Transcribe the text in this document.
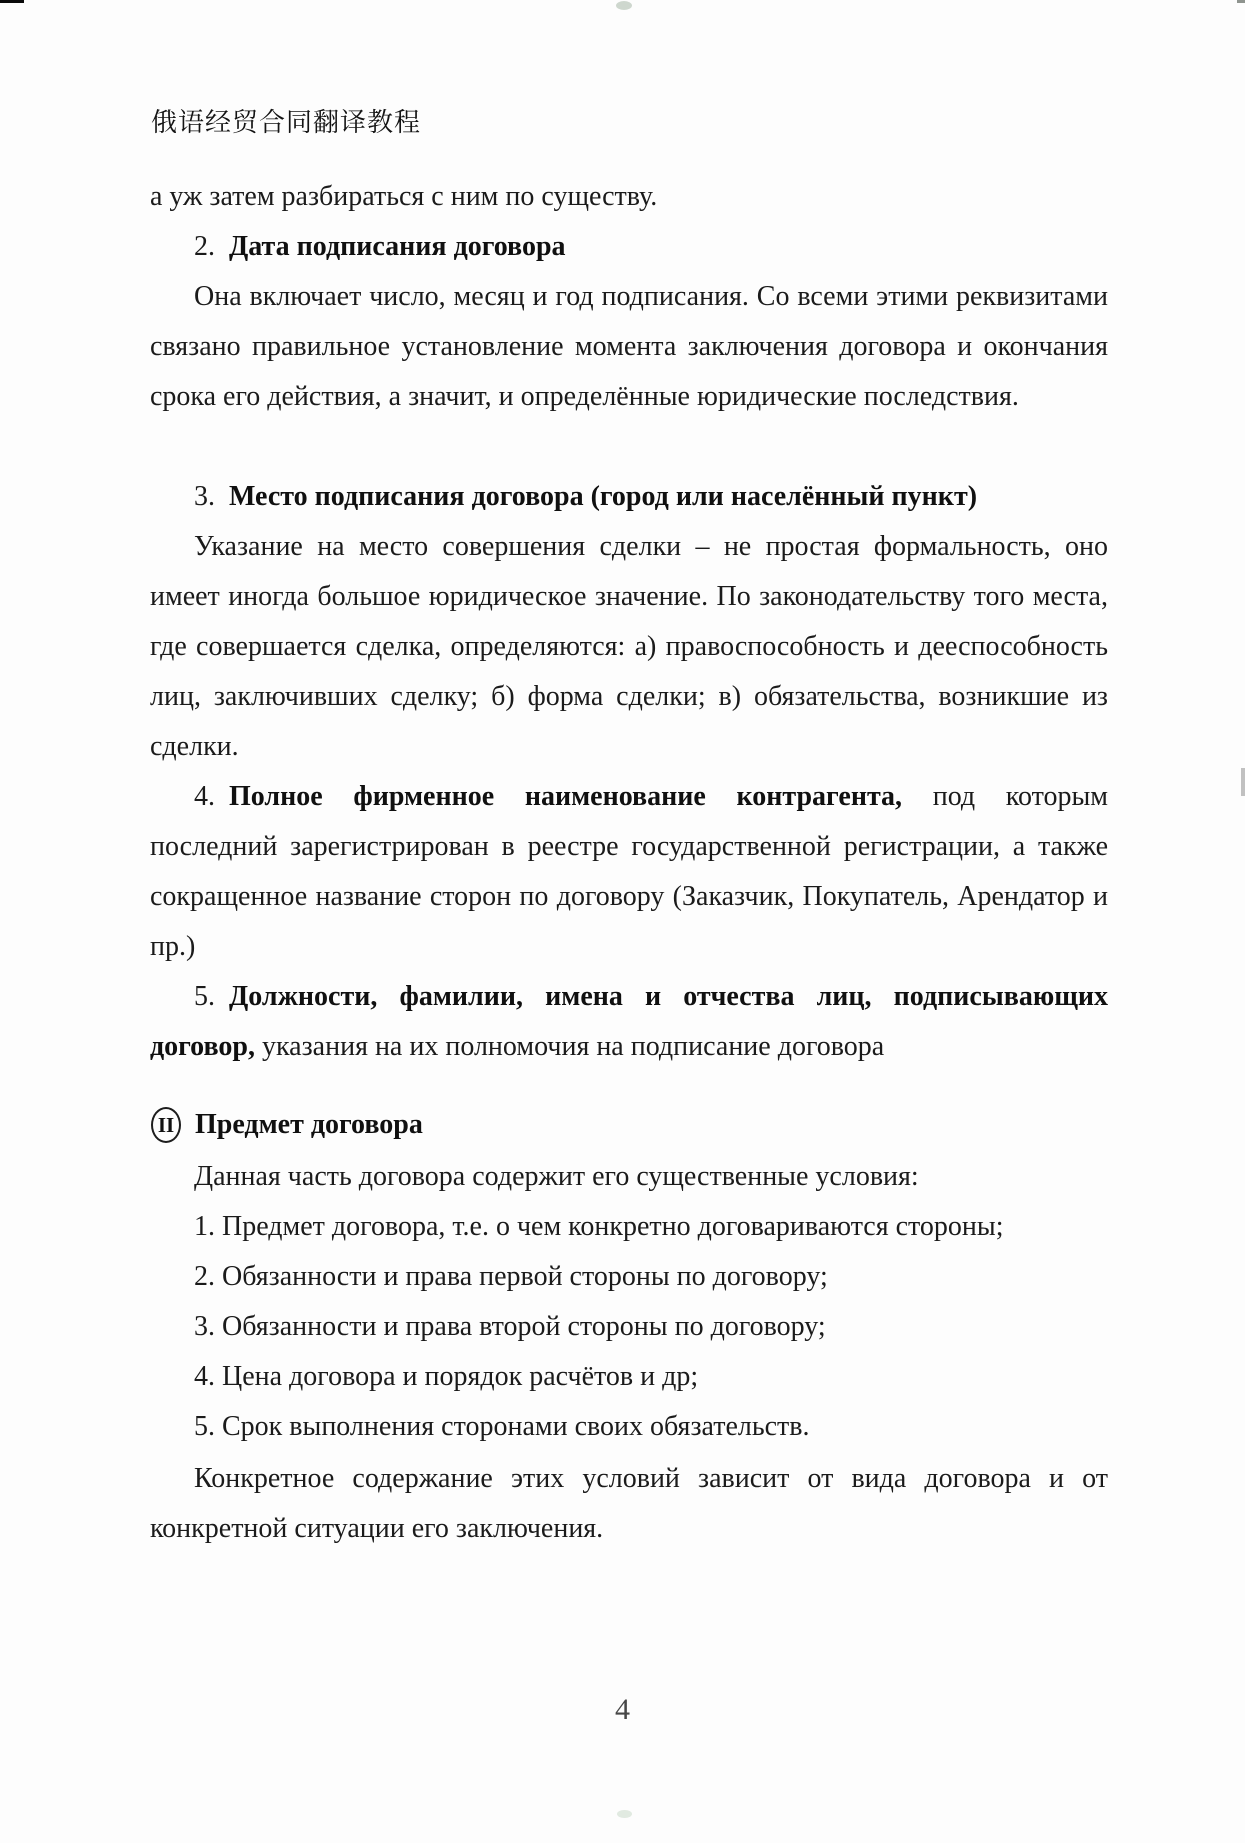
俄语经贸合同翻译教程

а уж затем разбираться с ним по существу.

2. Дата подписания договора

Она включает число, месяц и год подписания. Со всеми этими реквизитами связано правильное установление момента заключения договора и окончания срока его действия, а значит, и определённые юридические последствия.

3. Место подписания договора (город или населённый пункт)

Указание на место совершения сделки – не простая формальность, оно имеет иногда большое юридическое значение. По законодательству того места, где совершается сделка, определяются: а) правоспособность и дееспособность лиц, заключивших сделку; б) форма сделки; в) обязательства, возникшие из сделки.

4. Полное фирменное наименование контрагента, под которым последний зарегистрирован в реестре государственной регистрации, а также сокращенное название сторон по договору (Заказчик, Покупатель, Арендатор и пр.)

5. Должности, фамилии, имена и отчества лиц, подписывающих договор, указания на их полномочия на подписание договора

II Предмет договора

Данная часть договора содержит его существенные условия:

1. Предмет договора, т.е. о чем конкретно договариваются стороны;

2. Обязанности и права первой стороны по договору;

3. Обязанности и права второй стороны по договору;

4. Цена договора и порядок расчётов и др;

5. Срок выполнения сторонами своих обязательств.

Конкретное содержание этих условий зависит от вида договора и от конкретной ситуации его заключения.

4
